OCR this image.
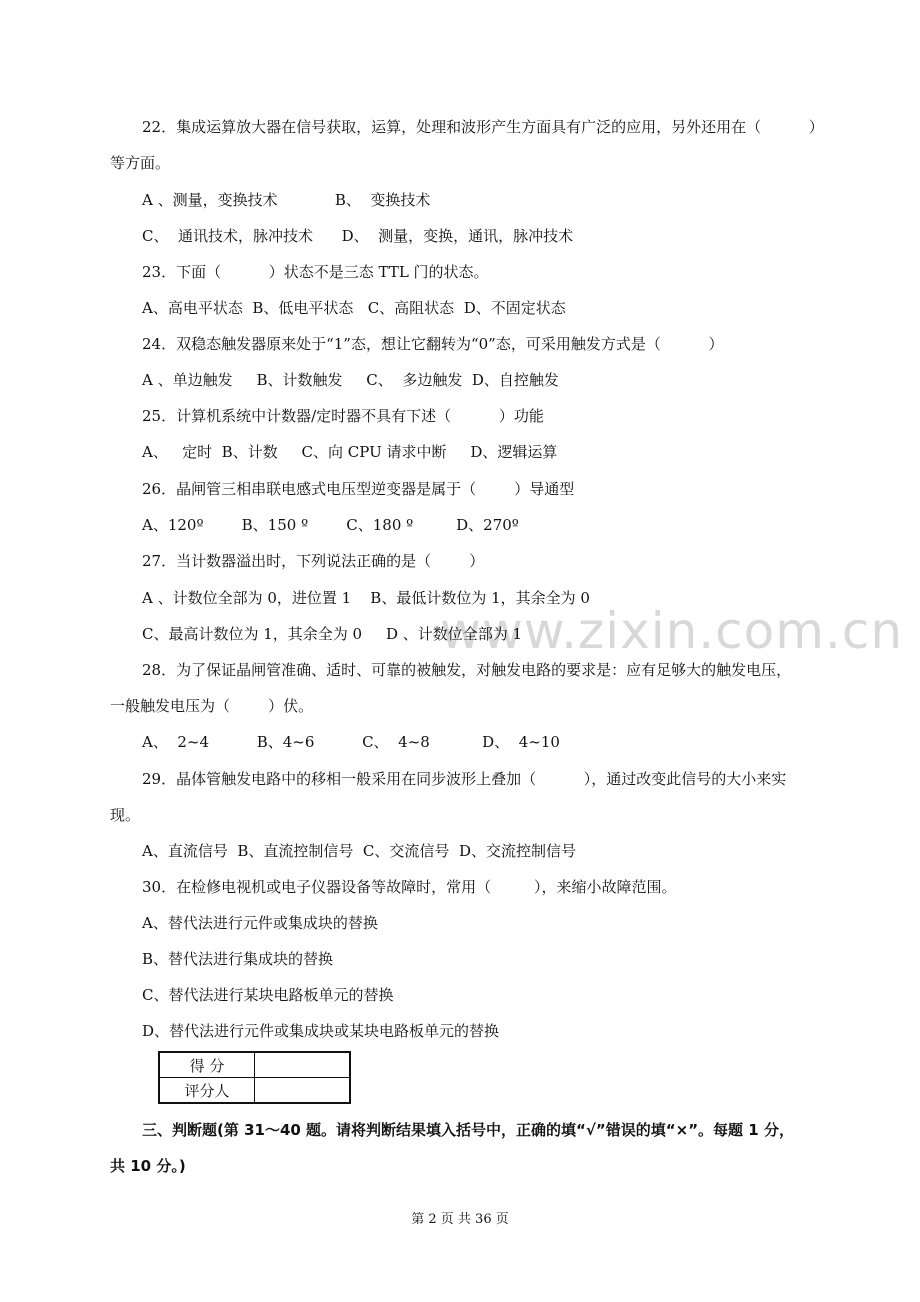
www.zixin.com.cn
22．集成运算放大器在信号获取，运算，处理和波形产生方面具有广泛的应用，另外还用在（          ）
等方面。
A 、测量，变换技术            B、  变换技术
C、  通讯技术，脉冲技术      D、  测量，变换，通讯，脉冲技术
23．下面（          ）状态不是三态 TTL 门的状态。
A、高电平状态  B、低电平状态   C、高阻状态  D、不固定状态
24．双稳态触发器原来处于“1”态，想让它翻转为“0”态，可采用触发方式是（          ）
A 、单边触发     B、计数触发     C、  多边触发  D、自控触发
25．计算机系统中计数器/定时器不具有下述（          ）功能
A、   定时  B、计数     C、向 CPU 请求中断     D、逻辑运算
26．晶闸管三相串联电感式电压型逆变器是属于（        ）导通型
A、120º        B、150 º        C、180 º         D、270º
27．当计数器溢出时，下列说法正确的是（        ）
A 、计数位全部为 0，进位置 1    B、最低计数位为 1，其余全为 0
C、最高计数位为 1，其余全为 0     D 、计数位全部为 1
28．为了保证晶闸管准确、适时、可靠的被触发，对触发电路的要求是：应有足够大的触发电压，
一般触发电压为（        ）伏。
A、  2~4          B、4~6          C、  4~8           D、  4~10
29．晶体管触发电路中的移相一般采用在同步波形上叠加（          ），通过改变此信号的大小来实
现。
A、直流信号  B、直流控制信号  C、交流信号  D、交流控制信号
30．在检修电视机或电子仪器设备等故障时，常用（         ），来缩小故障范围。
A、替代法进行元件或集成块的替换
B、替代法进行集成块的替换
C、替代法进行某块电路板单元的替换
D、替代法进行元件或集成块或某块电路板单元的替换
得 分	
评分人	
三、判断题(第 31～40 题。请将判断结果填入括号中，正确的填“√”错误的填“×”。每题 1 分，
共 10 分。)
第 2 页 共 36 页
